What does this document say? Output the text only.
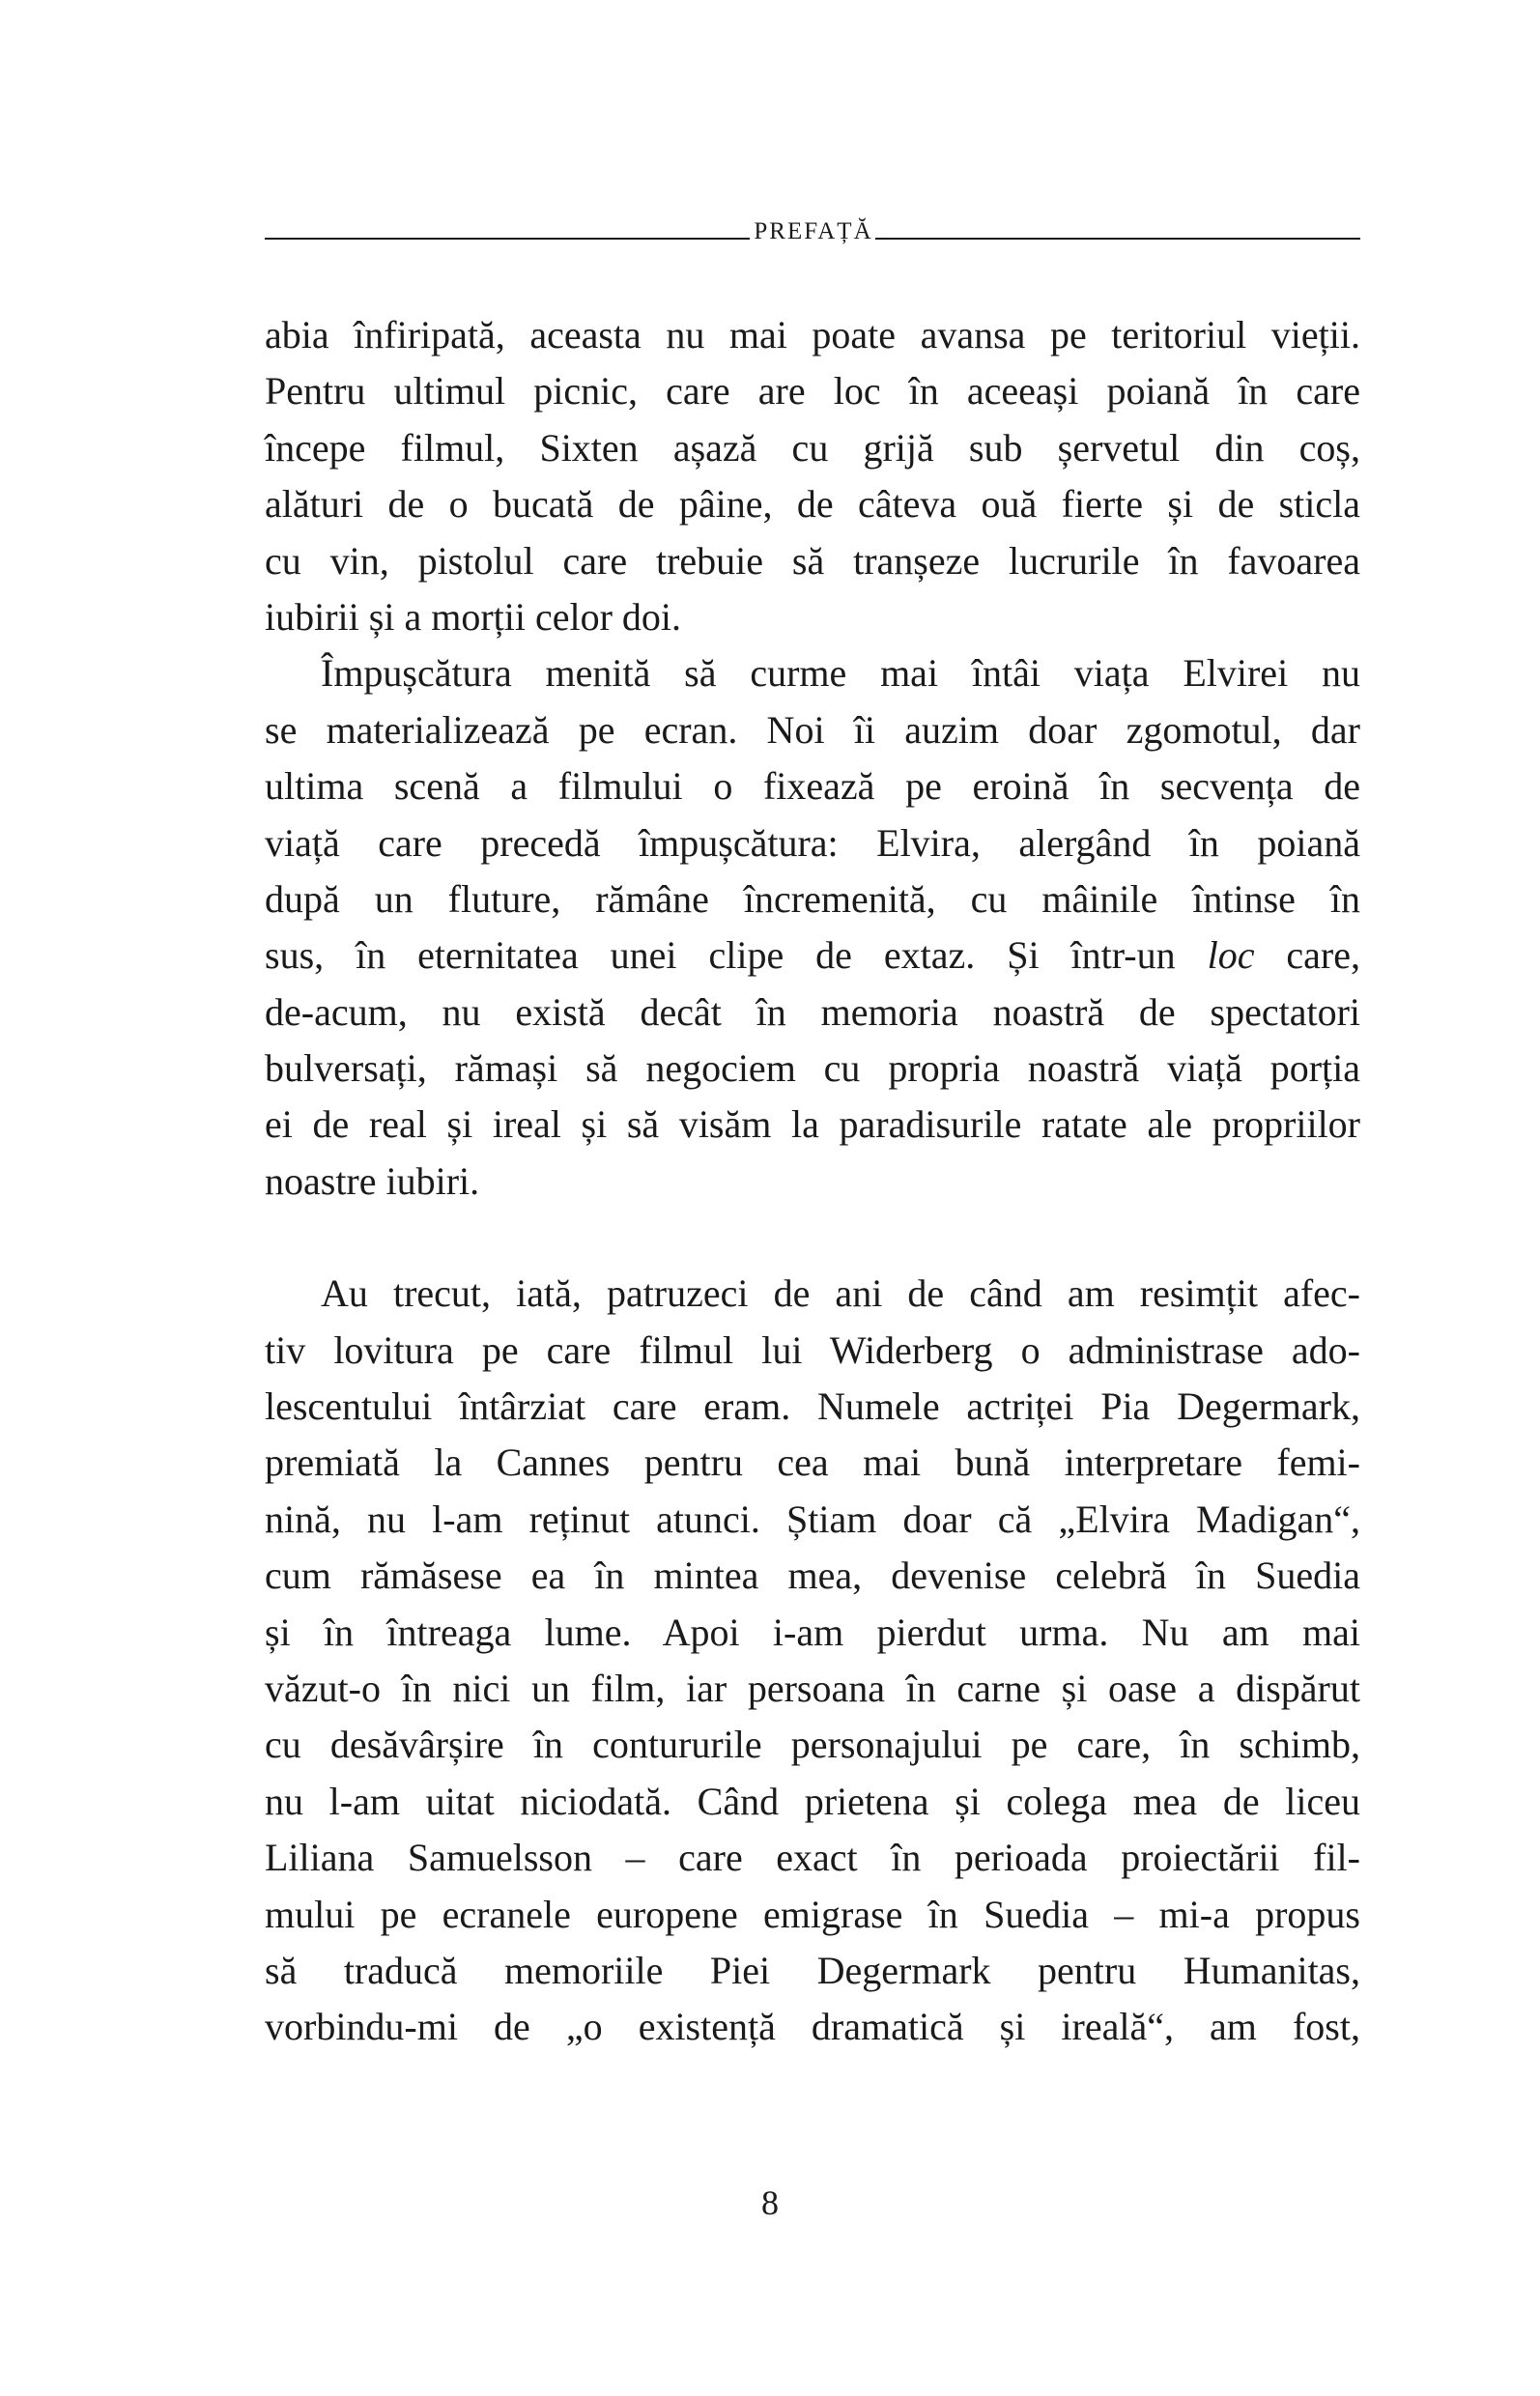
PREFAȚĂ
abia înfiripată, aceasta nu mai poate avansa pe teritoriul vieții.
Pentru ultimul picnic, care are loc în aceeași poiană în care
începe filmul, Sixten așază cu grijă sub șervetul din coș,
alături de o bucată de pâine, de câteva ouă fierte și de sticla
cu vin, pistolul care trebuie să tranșeze lucrurile în favoarea
iubirii și a morții celor doi.
Împușcătura menită să curme mai întâi viața Elvirei nu
se materializează pe ecran. Noi îi auzim doar zgomotul, dar
ultima scenă a filmului o fixează pe eroină în secvența de
viață care precedă împușcătura: Elvira, alergând în poiană
după un fluture, rămâne încremenită, cu mâinile întinse în
sus, în eternitatea unei clipe de extaz. Și într-un loc care,
de-acum, nu există decât în memoria noastră de spectatori
bulversați, rămași să negociem cu propria noastră viață porția
ei de real și ireal și să visăm la paradisurile ratate ale propriilor
noastre iubiri.
Au trecut, iată, patruzeci de ani de când am resimțit afec-
tiv lovitura pe care filmul lui Widerberg o administrase ado-
lescentului întârziat care eram. Numele actriței Pia Degermark,
premiată la Cannes pentru cea mai bună interpretare femi-
nină, nu l-am reținut atunci. Știam doar că „Elvira Madigan“,
cum rămăsese ea în mintea mea, devenise celebră în Suedia
și în întreaga lume. Apoi i-am pierdut urma. Nu am mai
văzut-o în nici un film, iar persoana în carne și oase a dispărut
cu desăvârșire în contururile personajului pe care, în schimb,
nu l-am uitat niciodată. Când prietena și colega mea de liceu
Liliana Samuelsson – care exact în perioada proiectării fil-
mului pe ecranele europene emigrase în Suedia – mi-a propus
să traducă memoriile Piei Degermark pentru Humanitas,
vorbindu-mi de „o existență dramatică și ireală“, am fost,
8
